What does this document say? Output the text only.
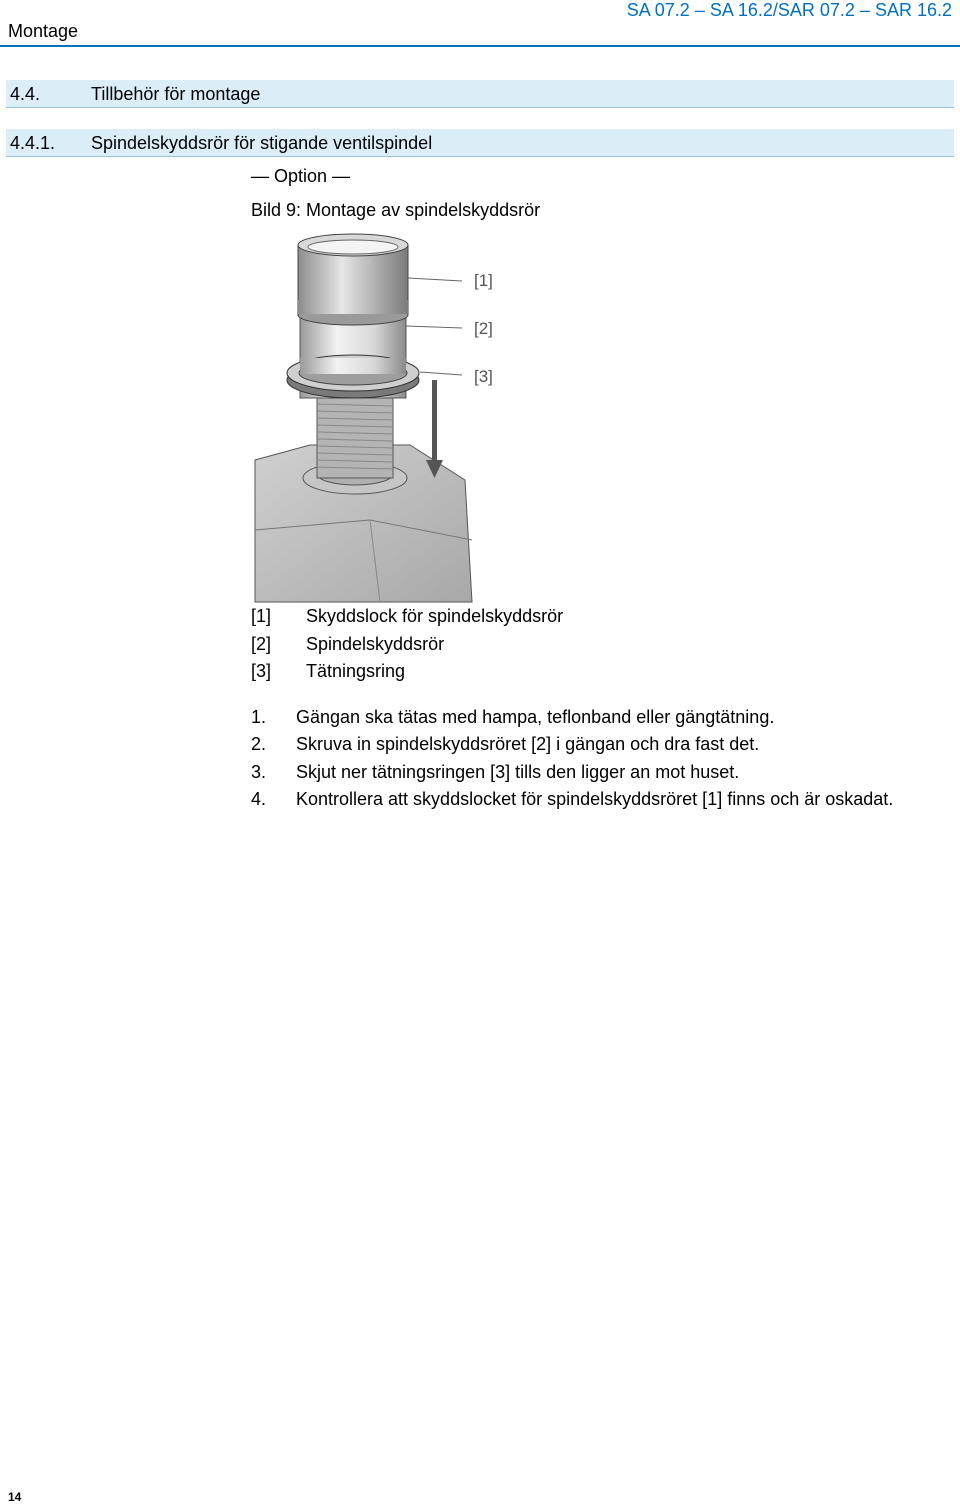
Montage
SA 07.2 – SA 16.2/SAR 07.2 – SAR 16.2
4.4.	Tillbehör för montage
4.4.1. Spindelskyddsrör för stigande ventilspindel
— Option —
Bild 9: Montage av spindelskyddsrör
[1]
[2]
[3]
[1] Skyddslock för spindelskyddsrör
[2] Spindelskyddsrör
[3] Tätningsring
1. Gängan ska tätas med hampa, teflonband eller gängtätning.
2. Skruva in spindelskyddsröret [2] i gängan och dra fast det.
3. Skjut ner tätningsringen [3] tills den ligger an mot huset.
4. Kontrollera att skyddslocket för spindelskyddsröret [1] finns och är oskadat.
14
